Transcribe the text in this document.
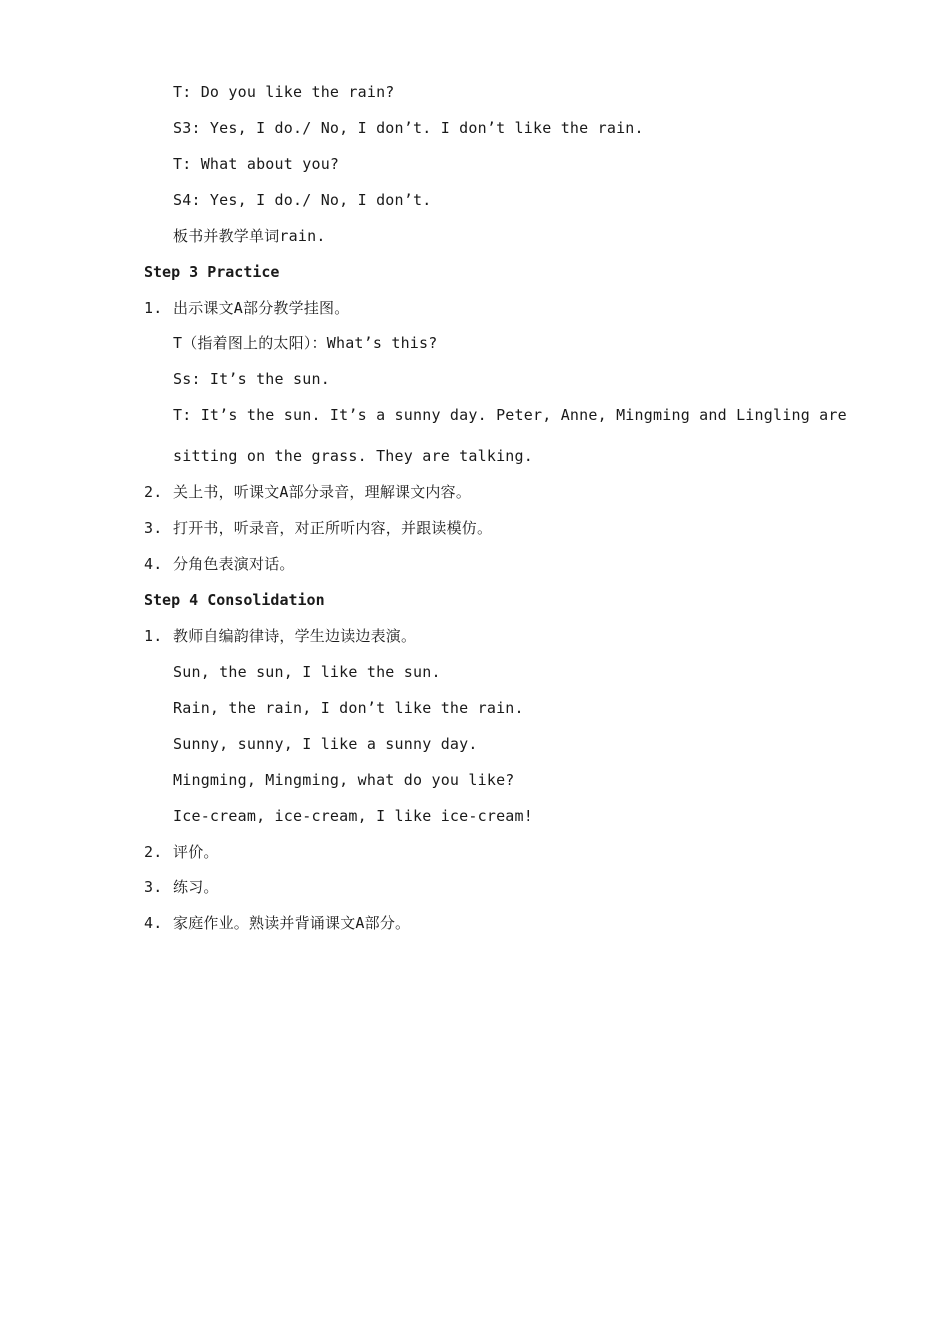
T: Do you like the rain?
S3: Yes, I do./ No, I don’t. I don’t like the rain.
T: What about you?
S4: Yes, I do./ No, I don’t.
板书并教学单词rain.
Step 3 Practice
1. 出示课文A部分教学挂图。
T（指着图上的太阳）：What’s this?
Ss: It’s the sun.
T: It’s the sun. It’s a sunny day. Peter, Anne, Mingming and Lingling are
sitting on the grass. They are talking.
2. 关上书，听课文A部分录音，理解课文内容。
3. 打开书，听录音，对正所听内容，并跟读模仿。
4. 分角色表演对话。
Step 4 Consolidation
1. 教师自编韵律诗，学生边读边表演。
Sun, the sun, I like the sun.
Rain, the rain, I don’t like the rain.
Sunny, sunny, I like a sunny day.
Mingming, Mingming, what do you like?
Ice-cream, ice-cream, I like ice-cream!
2. 评价。
3. 练习。
4. 家庭作业。熟读并背诵课文A部分。
